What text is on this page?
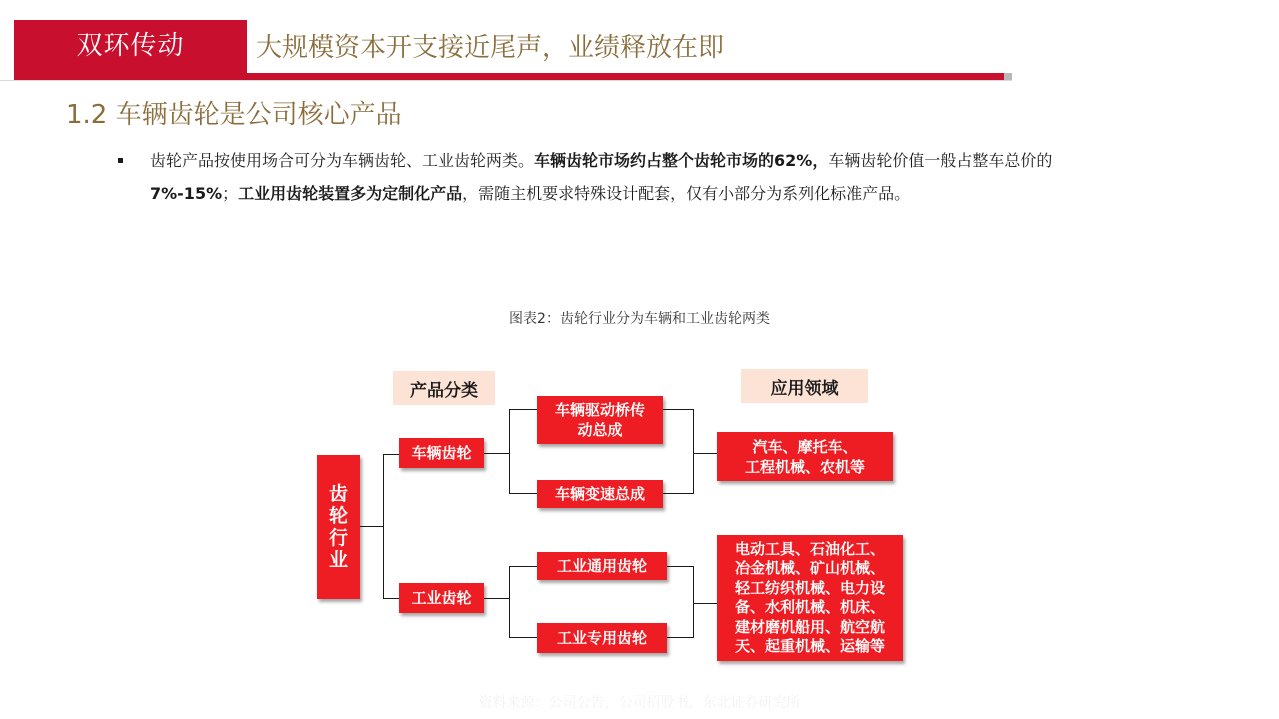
双环传动	大规模资本开支接近尾声，业绩释放在即
1.2 车辆齿轮是公司核心产品
齿轮产品按使用场合可分为车辆齿轮、工业齿轮两类。车辆齿轮市场约占整个齿轮市场的62%，车辆齿轮价值一般占整车总价的
7%-15%；工业用齿轮装置多为定制化产品，需随主机要求特殊设计配套，仅有小部分为系列化标准产品。
图表2：齿轮行业分为车辆和工业齿轮两类
产品分类	应用领域
齿
轮
行
业
车辆齿轮
工业齿轮
车辆驱动桥传
动总成
车辆变速总成
工业通用齿轮
工业专用齿轮
汽车、摩托车、
工程机械、农机等
电动工具、石油化工、
冶金机械、矿山机械、
轻工纺织机械、电力设
备、水利机械、机床、
建材磨机船用、航空航
天、起重机械、运输等
资料来源：公司公告，公司招股书，东北证券研究所
